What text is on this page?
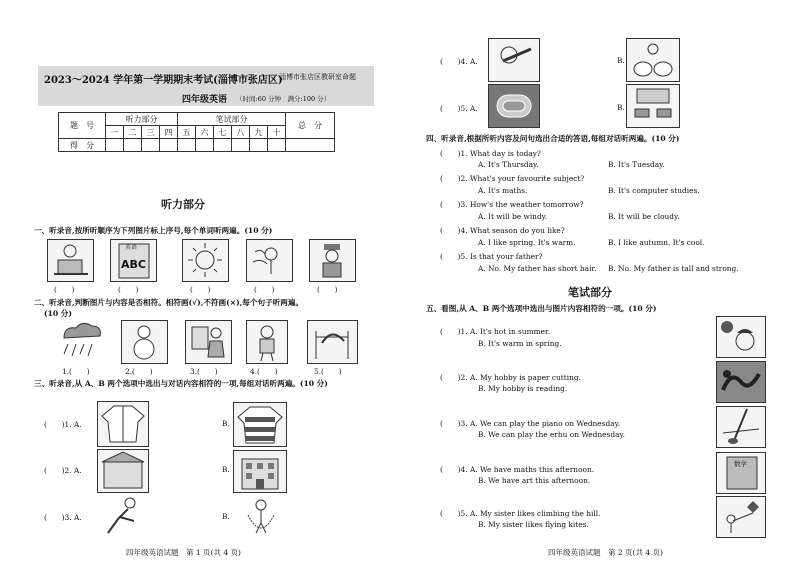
2023～2024 学年第一学期期末考试(淄博市张店区)
淄博市张店区教研室命题
四年级英语 （时间:60 分钟　满分:100 分）
题　号	听力部分				笔试部分						总　分
	一	二	三	四	五	六	七	八	九	十	
得　分											
听力部分
一、听录音,按所听顺序为下列图片标上序号,每个单词听两遍。(10 分)
英语
ABC
(　　)	(　　)	(　　)	(　　)	(　　)
二、听录音,判断图片与内容是否相符。相符画(√),不符画(×),每个句子听两遍。
(10 分)
1.(　　)	2.(　　)	3.(　　)	4.(　　)	5.(　　)
三、听录音,从 A、B 两个选项中选出与对话内容相符的一项,每组对话听两遍。(10 分)
(　　)1. A.	B.
(　　)2. A.	B.
(　　)3. A.	B.
四年级英语试题　第 1 页(共 4 页)
(　　)4. A.	B.
(　　)5. A.	B.
四、听录音,根据所听内容及问句选出合适的答语,每组对话听两遍。(10 分)
(　　)1. What day is today?
A. It's Thursday.	B. It's Tuesday.
(　　)2. What's your favourite subject?
A. It's maths.	B. It's computer studies.
(　　)3. How's the weather tomorrow?
A. It will be windy.	B. It will be cloudy.
(　　)4. What season do you like?
A. I like spring. It's warm.	B. I like autumn. It's cool.
(　　)5. Is that your father?
A. No. My father has short hair. B. No. My father is tall and strong.
笔试部分
五、看图,从 A、B 两个选项中选出与图片内容相符的一项。(10 分)
(　　)1. A. It's hot in summer.
B. It's warm in spring.
(　　)2. A. My hobby is paper cutting.
B. My hobby is reading.
(　　)3. A. We can play the piano on Wednesday.
B. We can play the erhu on Wednesday.
(　　)4. A. We have maths this afternoon.
B. We have art this afternoon.
数学
(　　)5. A. My sister likes climbing the hill.
B. My sister likes flying kites.
四年级英语试题　第 2 页(共 4 页)
